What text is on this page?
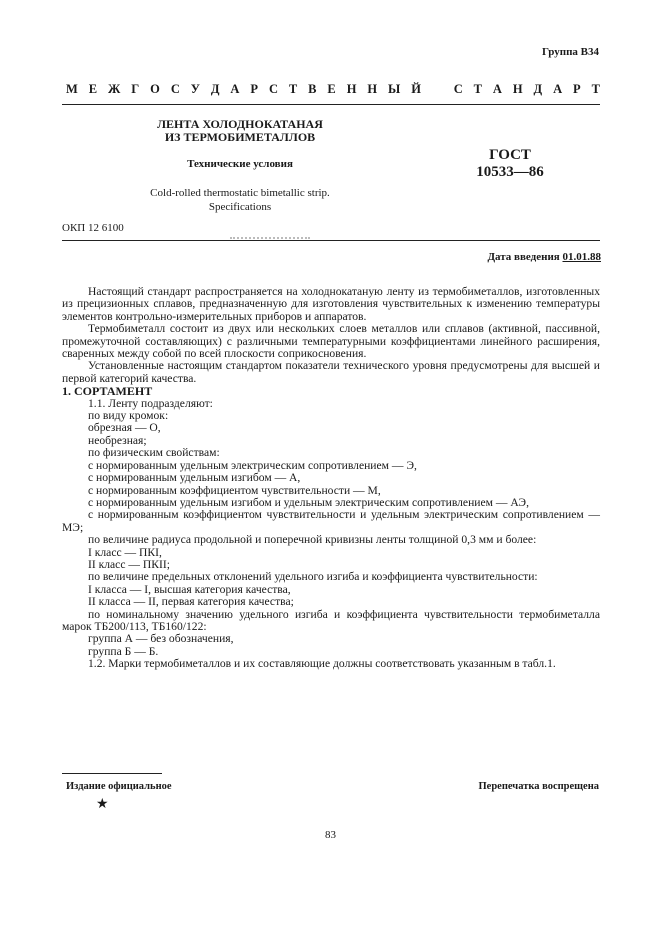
Группа В34
М Е Ж Г О С У Д А Р С Т В Е Н Н Ы Й	С Т А Н Д А Р Т
ЛЕНТА ХОЛОДНОКАТАНАЯ
ИЗ ТЕРМОБИМЕТАЛЛОВ
Технические условия
ГОСТ
10533—86
Cold-rolled thermostatic bimetallic strip.
Specifications
ОКП 12 6100
Дата введения 01.01.88

Настоящий стандарт распространяется на холоднокатаную ленту из термобиметаллов, изготовленных из прецизионных сплавов, предназначенную для изготовления чувствительных к изменению температуры элементов контрольно-измерительных приборов и аппаратов.

Термобиметалл состоит из двух или нескольких слоев металлов или сплавов (активной, пассивной, промежуточной составляющих) с различными температурными коэффициентами линейного расширения, сваренных между собой по всей плоскости соприкосновения.

Установленные настоящим стандартом показатели технического уровня предусмотрены для высшей и первой категорий качества.

1. СОРТАМЕНТ

1.1. Ленту подразделяют:

по виду кромок:

обрезная — О,

необрезная;

по физическим свойствам:

с нормированным удельным электрическим сопротивлением — Э,

с нормированным удельным изгибом — А,

с нормированным коэффициентом чувствительности — М,

с нормированным удельным изгибом и удельным электрическим сопротивлением — АЭ,

с нормированным коэффициентом чувствительности и удельным электрическим сопротивлением — МЭ;

по величине радиуса продольной и поперечной кривизны ленты толщиной 0,3 мм и более:

I класс — ПКI,

II класс — ПКII;

по величине предельных отклонений удельного изгиба и коэффициента чувствительности:

I класса — I, высшая категория качества,

II класса — II, первая категория качества;

по номинальному значению удельного изгиба и коэффициента чувствительности термобиметалла марок ТБ200/113, ТБ160/122:

группа А — без обозначения,

группа Б — Б.

1.2. Марки термобиметаллов и их составляющие должны соответствовать указанным в табл.1.

Издание официальное	Перепечатка воспрещена
★
83
